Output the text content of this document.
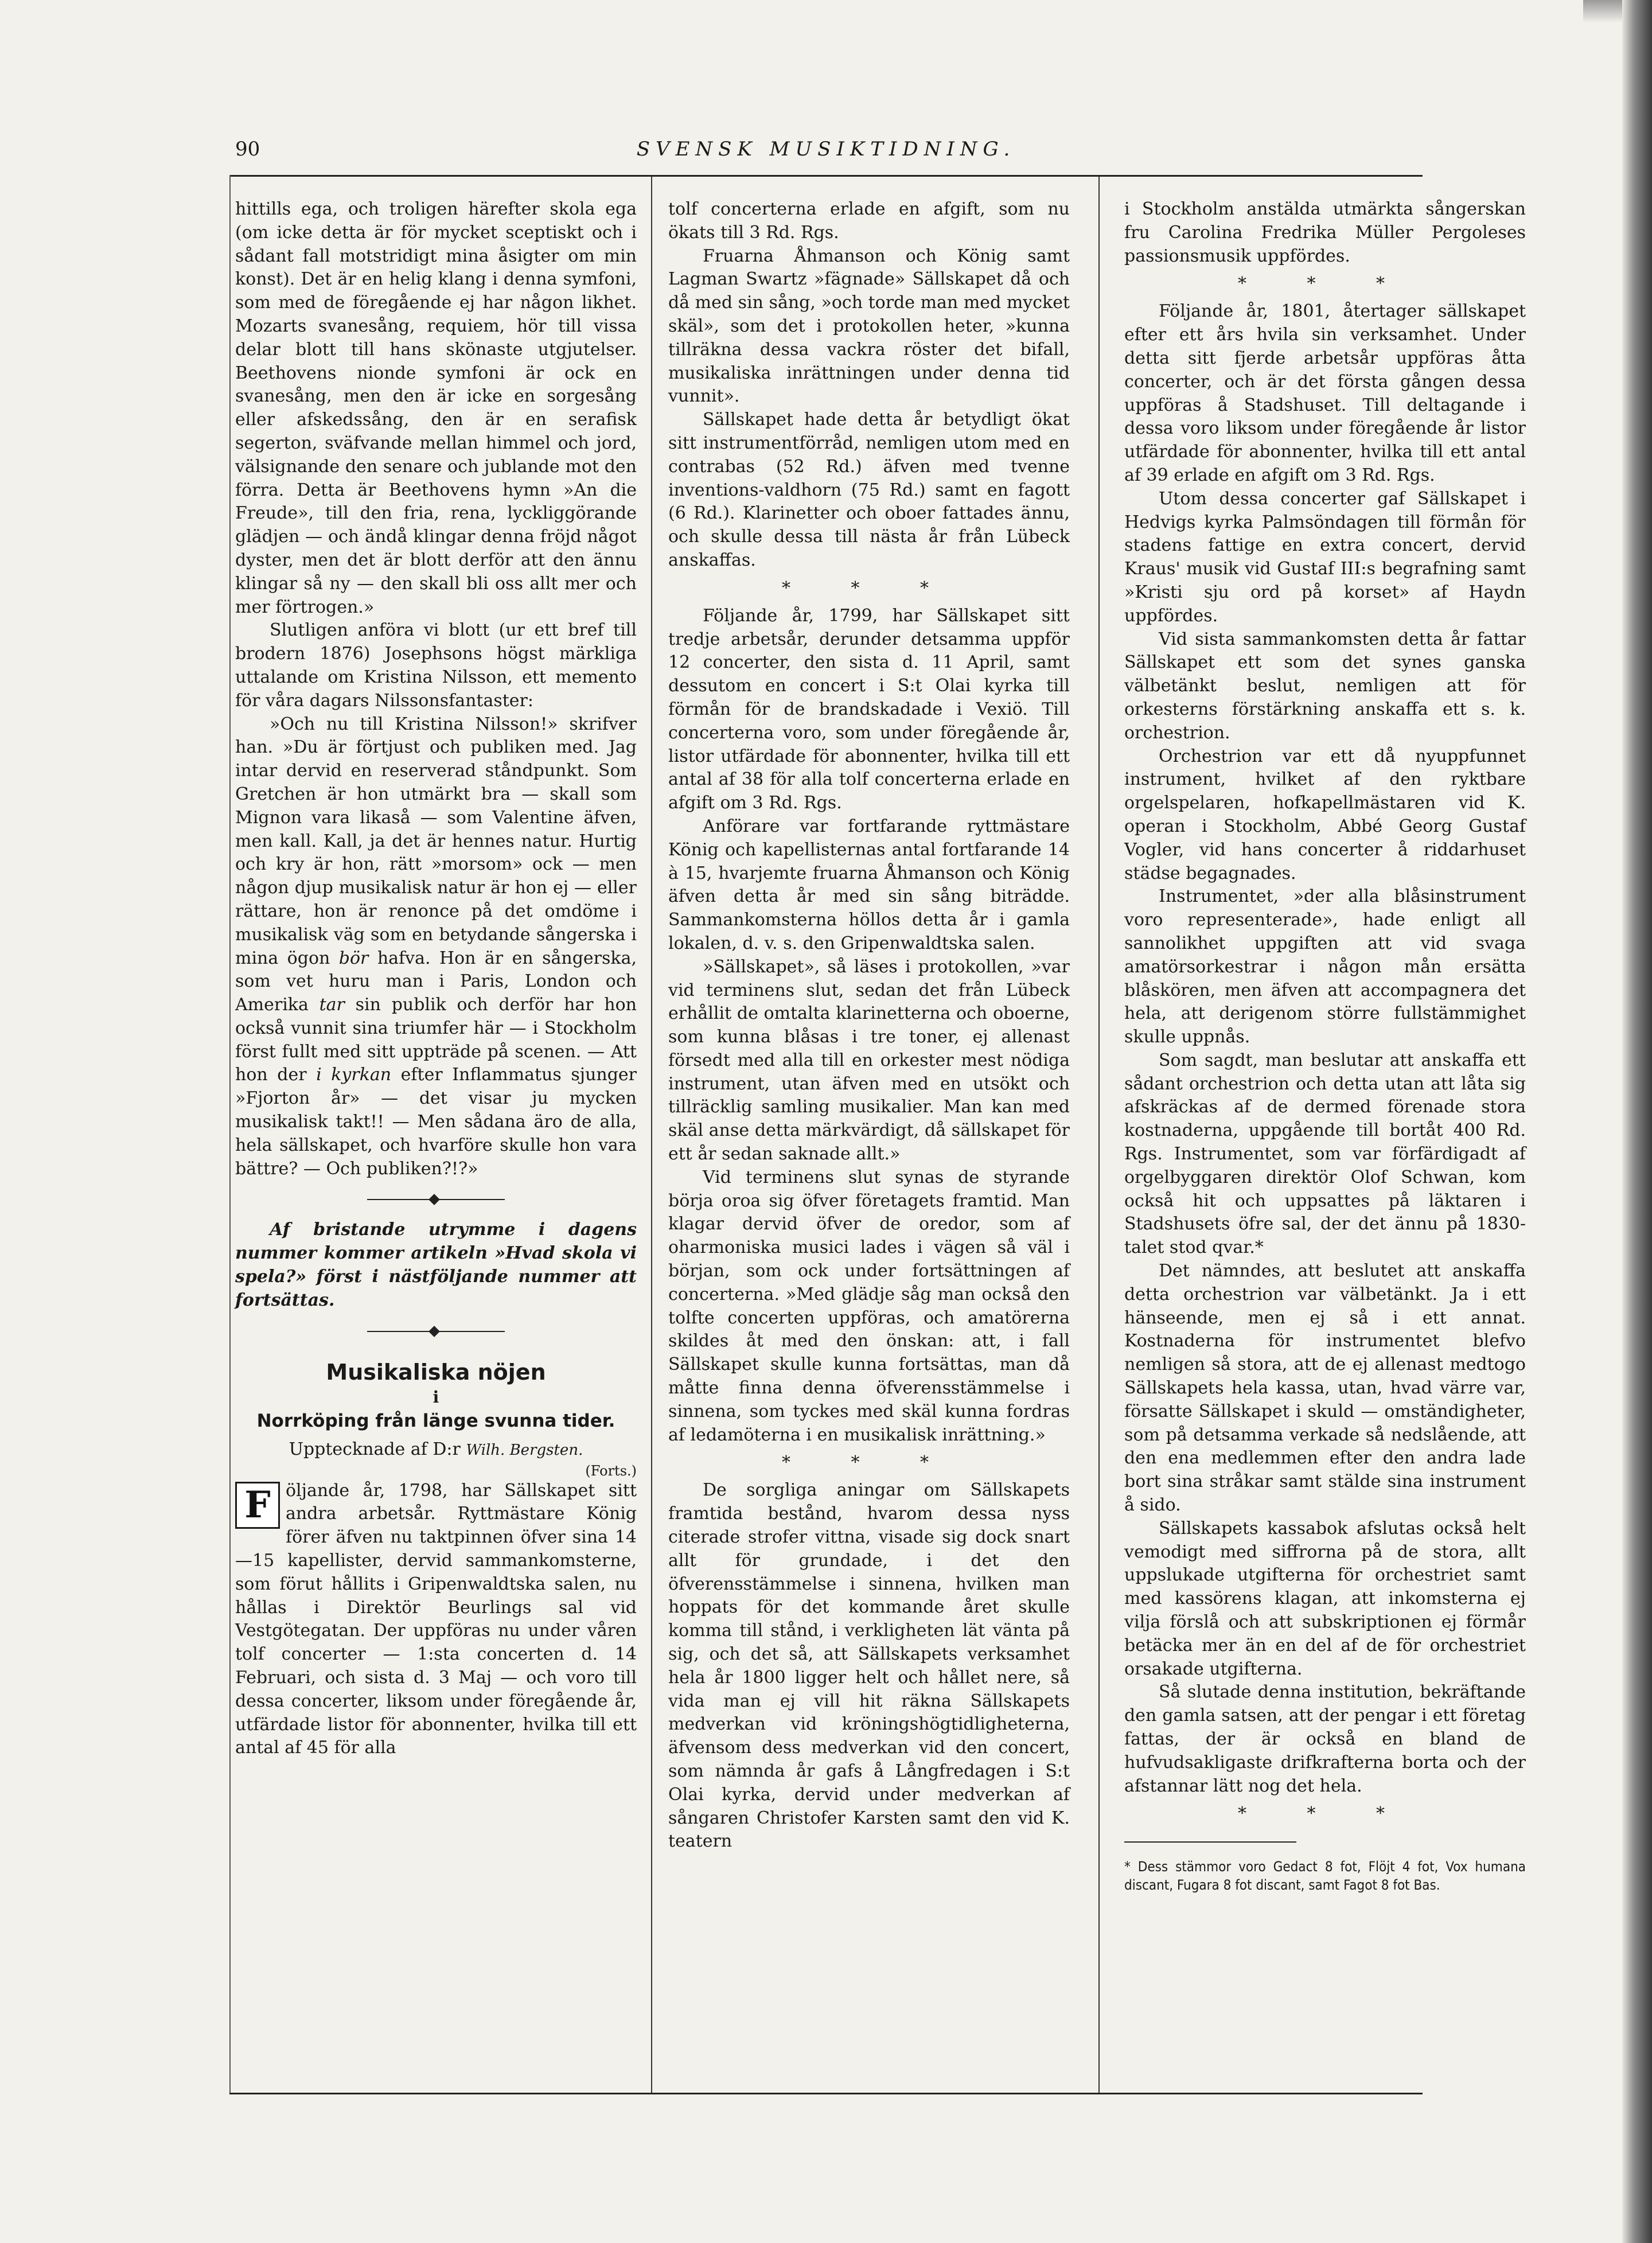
90	SVENSK MUSIKTIDNING.

hittills ega, och troligen härefter skola ega (om icke detta är för mycket sceptiskt och i sådant fall motstridigt mina åsigter om min konst). Det är en helig klang i denna symfoni, som med de föregående ej har någon likhet. Mozarts svanesång, requiem, hör till vissa delar blott till hans skönaste utgjutelser. Beethovens nionde symfoni är ock en svanesång, men den är icke en sorgesång eller afskedssång, den är en serafisk segerton, sväfvande mellan himmel och jord, välsignande den senare och jublande mot den förra. Detta är Beethovens hymn »An die Freude», till den fria, rena, lyckliggörande glädjen — och ändå klingar denna fröjd något dyster, men det är blott derför att den ännu klingar så ny — den skall bli oss allt mer och mer förtrogen.»

Slutligen anföra vi blott (ur ett bref till brodern 1876) Josephsons högst märkliga uttalande om Kristina Nilsson, ett memento för våra dagars Nilssonsfantaster:

»Och nu till Kristina Nilsson!» skrifver han. »Du är förtjust och publiken med. Jag intar dervid en reserverad ståndpunkt. Som Gretchen är hon utmärkt bra — skall som Mignon vara likaså — som Valentine äfven, men kall. Kall, ja det är hennes natur. Hurtig och kry är hon, rätt »morsom» ock — men någon djup musikalisk natur är hon ej — eller rättare, hon är renonce på det omdöme i musikalisk väg som en betydande sångerska i mina ögon bör hafva. Hon är en sångerska, som vet huru man i Paris, London och Amerika tar sin publik och derför har hon också vunnit sina triumfer här — i Stockholm först fullt med sitt uppträde på scenen. — Att hon der i kyrkan efter Inflammatus sjunger »Fjorton år» — det visar ju mycken musikalisk takt!! — Men sådana äro de alla, hela sällskapet, och hvarföre skulle hon vara bättre? — Och publiken?!?»

Af bristande utrymme i dagens nummer kommer artikeln »Hvad skola vi spela?» först i nästföljande nummer att fortsättas.

Musikaliska nöjen
i
Norrköping från länge svunna tider.
Upptecknade af D:r Wilh. Bergsten.
(Forts.)
F öljande år, 1798, har Sällskapet sitt andra arbetsår. Ryttmästare König förer äfven nu taktpinnen öfver sina 14—15 kapellister, dervid sammankomsterne, som förut hållits i Gripenwaldtska salen, nu hållas i Direktör Beurlings sal vid Vestgötegatan. Der uppföras nu under våren tolf concerter — 1:sta concerten d. 14 Februari, och sista d. 3 Maj — och voro till dessa concerter, liksom under föregående år, utfärdade listor för abonnenter, hvilka till ett antal af 45 för alla

tolf concerterna erlade en afgift, som nu ökats till 3 Rd. Rgs.

Fruarna Åhmanson och König samt Lagman Swartz »fägnade» Sällskapet då och då med sin sång, »och torde man med mycket skäl», som det i protokollen heter, »kunna tillräkna dessa vackra röster det bifall, musikaliska inrättningen under denna tid vunnit».

Sällskapet hade detta år betydligt ökat sitt instrumentförråd, nemligen utom med en contrabas (52 Rd.) äfven med tvenne inventions-valdhorn (75 Rd.) samt en fagott (6 Rd.). Klarinetter och oboer fattades ännu, och skulle dessa till nästa år från Lübeck anskaffas.

* * *

Följande år, 1799, har Sällskapet sitt tredje arbetsår, derunder detsamma uppför 12 concerter, den sista d. 11 April, samt dessutom en concert i S:t Olai kyrka till förmån för de brandskadade i Vexiö. Till concerterna voro, som under föregående år, listor utfärdade för abonnenter, hvilka till ett antal af 38 för alla tolf concerterna erlade en afgift om 3 Rd. Rgs.

Anförare var fortfarande ryttmästare König och kapellisternas antal fortfarande 14 à 15, hvarjemte fruarna Åhmanson och König äfven detta år med sin sång biträdde. Sammankomsterna höllos detta år i gamla lokalen, d. v. s. den Gripenwaldtska salen.

»Sällskapet», så läses i protokollen, »var vid terminens slut, sedan det från Lübeck erhållit de omtalta klarinetterna och oboerne, som kunna blåsas i tre toner, ej allenast försedt med alla till en orkester mest nödiga instrument, utan äfven med en utsökt och tillräcklig samling musikalier. Man kan med skäl anse detta märkvärdigt, då sällskapet för ett år sedan saknade allt.»

Vid terminens slut synas de styrande börja oroa sig öfver företagets framtid. Man klagar dervid öfver de oredor, som af oharmoniska musici lades i vägen så väl i början, som ock under fortsättningen af concerterna. »Med glädje såg man också den tolfte concerten uppföras, och amatörerna skildes åt med den önskan: att, i fall Sällskapet skulle kunna fortsättas, man då måtte finna denna öfverensstämmelse i sinnena, som tyckes med skäl kunna fordras af ledamöterna i en musikalisk inrättning.»

* * *

De sorgliga aningar om Sällskapets framtida bestånd, hvarom dessa nyss citerade strofer vittna, visade sig dock snart allt för grundade, i det den öfverensstämmelse i sinnena, hvilken man hoppats för det kommande året skulle komma till stånd, i verkligheten lät vänta på sig, och det så, att Sällskapets verksamhet hela år 1800 ligger helt och hållet nere, så vida man ej vill hit räkna Sällskapets medverkan vid kröningshögtidligheterna, äfvensom dess medverkan vid den concert, som nämnda år gafs å Långfredagen i S:t Olai kyrka, dervid under medverkan af sångaren Christofer Karsten samt den vid K. teatern

i Stockholm anstälda utmärkta sångerskan fru Carolina Fredrika Müller Pergoleses passionsmusik uppfördes.

* * *

Följande år, 1801, återtager sällskapet efter ett års hvila sin verksamhet. Under detta sitt fjerde arbetsår uppföras åtta concerter, och är det första gången dessa uppföras å Stadshuset. Till deltagande i dessa voro liksom under föregående år listor utfärdade för abonnenter, hvilka till ett antal af 39 erlade en afgift om 3 Rd. Rgs.

Utom dessa concerter gaf Sällskapet i Hedvigs kyrka Palmsöndagen till förmån för stadens fattige en extra concert, dervid Kraus' musik vid Gustaf III:s begrafning samt »Kristi sju ord på korset» af Haydn uppfördes.

Vid sista sammankomsten detta år fattar Sällskapet ett som det synes ganska välbetänkt beslut, nemligen att för orkesterns förstärkning anskaffa ett s. k. orchestrion.

Orchestrion var ett då nyuppfunnet instrument, hvilket af den ryktbare orgelspelaren, hofkapellmästaren vid K. operan i Stockholm, Abbé Georg Gustaf Vogler, vid hans concerter å riddarhuset städse begagnades.

Instrumentet, »der alla blåsinstrument voro representerade», hade enligt all sannolikhet uppgiften att vid svaga amatörsorkestrar i någon mån ersätta blåskören, men äfven att accompagnera det hela, att derigenom större fullstämmighet skulle uppnås.

Som sagdt, man beslutar att anskaffa ett sådant orchestrion och detta utan att låta sig afskräckas af de dermed förenade stora kostnaderna, uppgående till bortåt 400 Rd. Rgs. Instrumentet, som var förfärdigadt af orgelbyggaren direktör Olof Schwan, kom också hit och uppsattes på läktaren i Stadshusets öfre sal, der det ännu på 1830-talet stod qvar.*

Det nämndes, att beslutet att anskaffa detta orchestrion var välbetänkt. Ja i ett hänseende, men ej så i ett annat. Kostnaderna för instrumentet blefvo nemligen så stora, att de ej allenast medtogo Sällskapets hela kassa, utan, hvad värre var, försatte Sällskapet i skuld — omständigheter, som på detsamma verkade så nedslående, att den ena medlemmen efter den andra lade bort sina stråkar samt stälde sina instrument å sido.

Sällskapets kassabok afslutas också helt vemodigt med siffrorna på de stora, allt uppslukade utgifterna för orchestriet samt med kassörens klagan, att inkomsterna ej vilja förslå och att subskriptionen ej förmår betäcka mer än en del af de för orchestriet orsakade utgifterna.

Så slutade denna institution, bekräftande den gamla satsen, att der pengar i ett företag fattas, der är också en bland de hufvudsakligaste drifkrafterna borta och der afstannar lätt nog det hela.

* * *
* Dess stämmor voro Gedact 8 fot, Flöjt 4 fot, Vox humana discant, Fugara 8 fot discant, samt Fagot 8 fot Bas.
